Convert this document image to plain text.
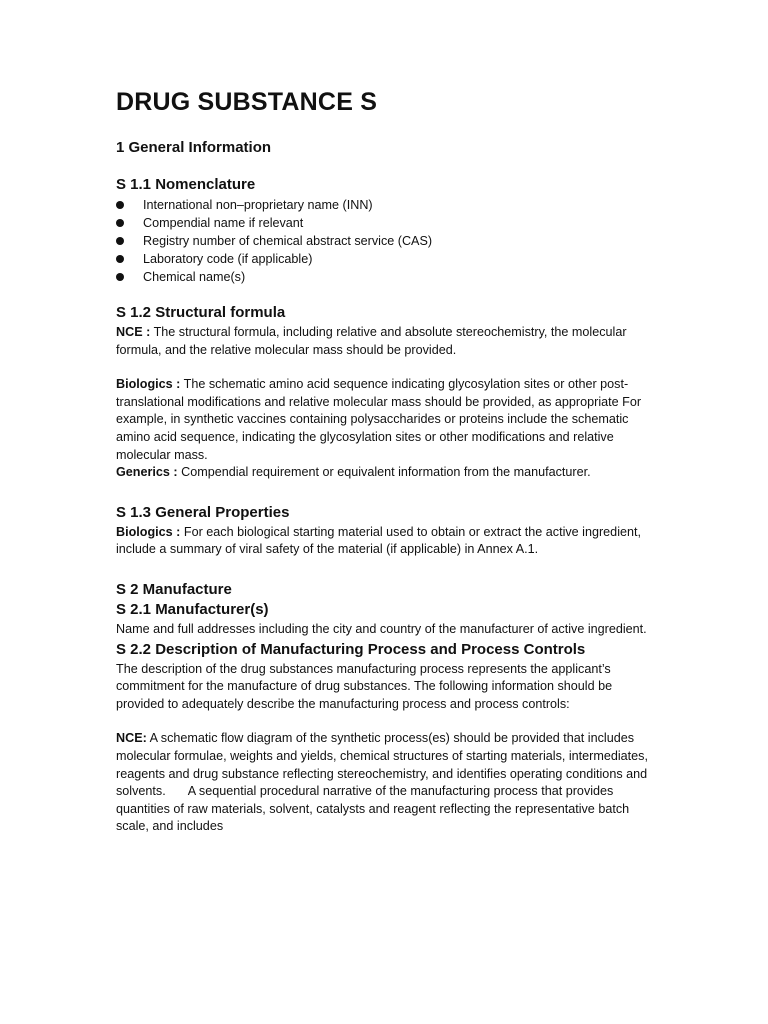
DRUG SUBSTANCE S
1 General Information
S 1.1 Nomenclature
International non–proprietary name (INN)
Compendial name if relevant
Registry number of chemical abstract service (CAS)
Laboratory code (if applicable)
Chemical name(s)
S 1.2 Structural formula

NCE : The structural formula, including relative and absolute stereochemistry, the molecular formula, and the relative molecular mass should be provided.

Biologics : The schematic amino acid sequence indicating glycosylation sites or other post-translational modifications and relative molecular mass should be provided, as appropriate For example, in synthetic vaccines containing polysaccharides or proteins include the schematic amino acid sequence, indicating the glycosylation sites or other modifications and relative molecular mass.

Generics : Compendial requirement or equivalent information from the manufacturer.

S 1.3 General Properties

Biologics : For each biological starting material used to obtain or extract the active ingredient, include a summary of viral safety of the material (if applicable) in Annex A.1.

S 2 Manufacture
S 2.1 Manufacturer(s)

Name and full addresses including the city and country of the manufacturer of active ingredient.

S 2.2 Description of Manufacturing Process and Process Controls

The description of the drug substances manufacturing process represents the applicant’s commitment for the manufacture of drug substances. The following information should be provided to adequately describe the manufacturing process and process controls:

NCE: A schematic flow diagram of the synthetic process(es) should be provided that includes molecular formulae, weights and yields, chemical structures of starting materials, intermediates, reagents and drug substance reflecting stereochemistry, and identifies operating conditions and solvents. A sequential procedural narrative of the manufacturing process that provides quantities of raw materials, solvent, catalysts and reagent reflecting the representative batch scale, and includes
